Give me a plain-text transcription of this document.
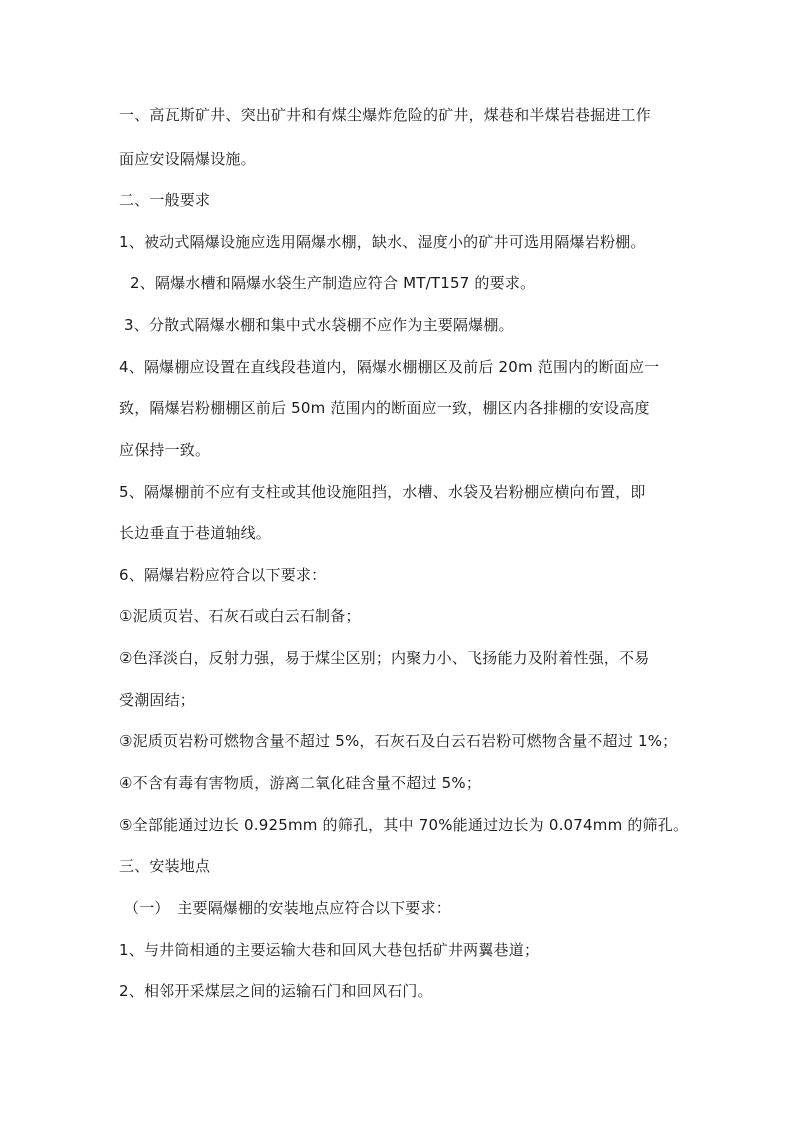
一、高瓦斯矿井、突出矿井和有煤尘爆炸危险的矿井，煤巷和半煤岩巷掘进工作
面应安设隔爆设施。
二、一般要求
1、被动式隔爆设施应选用隔爆水棚，缺水、湿度小的矿井可选用隔爆岩粉棚。
2、隔爆水槽和隔爆水袋生产制造应符合 MT/T157 的要求。
3、分散式隔爆水棚和集中式水袋棚不应作为主要隔爆棚。
4、隔爆棚应设置在直线段巷道内，隔爆水棚棚区及前后 20m 范围内的断面应一
致，隔爆岩粉棚棚区前后 50m 范围内的断面应一致，棚区内各排棚的安设高度
应保持一致。
5、隔爆棚前不应有支柱或其他设施阻挡，水槽、水袋及岩粉棚应横向布置，即
长边垂直于巷道轴线。
6、隔爆岩粉应符合以下要求：
①泥质页岩、石灰石或白云石制备；
②色泽淡白，反射力强，易于煤尘区别；内聚力小、飞扬能力及附着性强，不易
受潮固结；
③泥质页岩粉可燃物含量不超过 5%，石灰石及白云石岩粉可燃物含量不超过 1%；
④不含有毒有害物质，游离二氧化硅含量不超过 5%；
⑤全部能通过边长 0.925mm 的筛孔，其中 70%能通过边长为 0.074mm 的筛孔。
三、安装地点
（一）　主要隔爆棚的安装地点应符合以下要求：
1、与井筒相通的主要运输大巷和回风大巷包括矿井两翼巷道；
2、相邻开采煤层之间的运输石门和回风石门。
